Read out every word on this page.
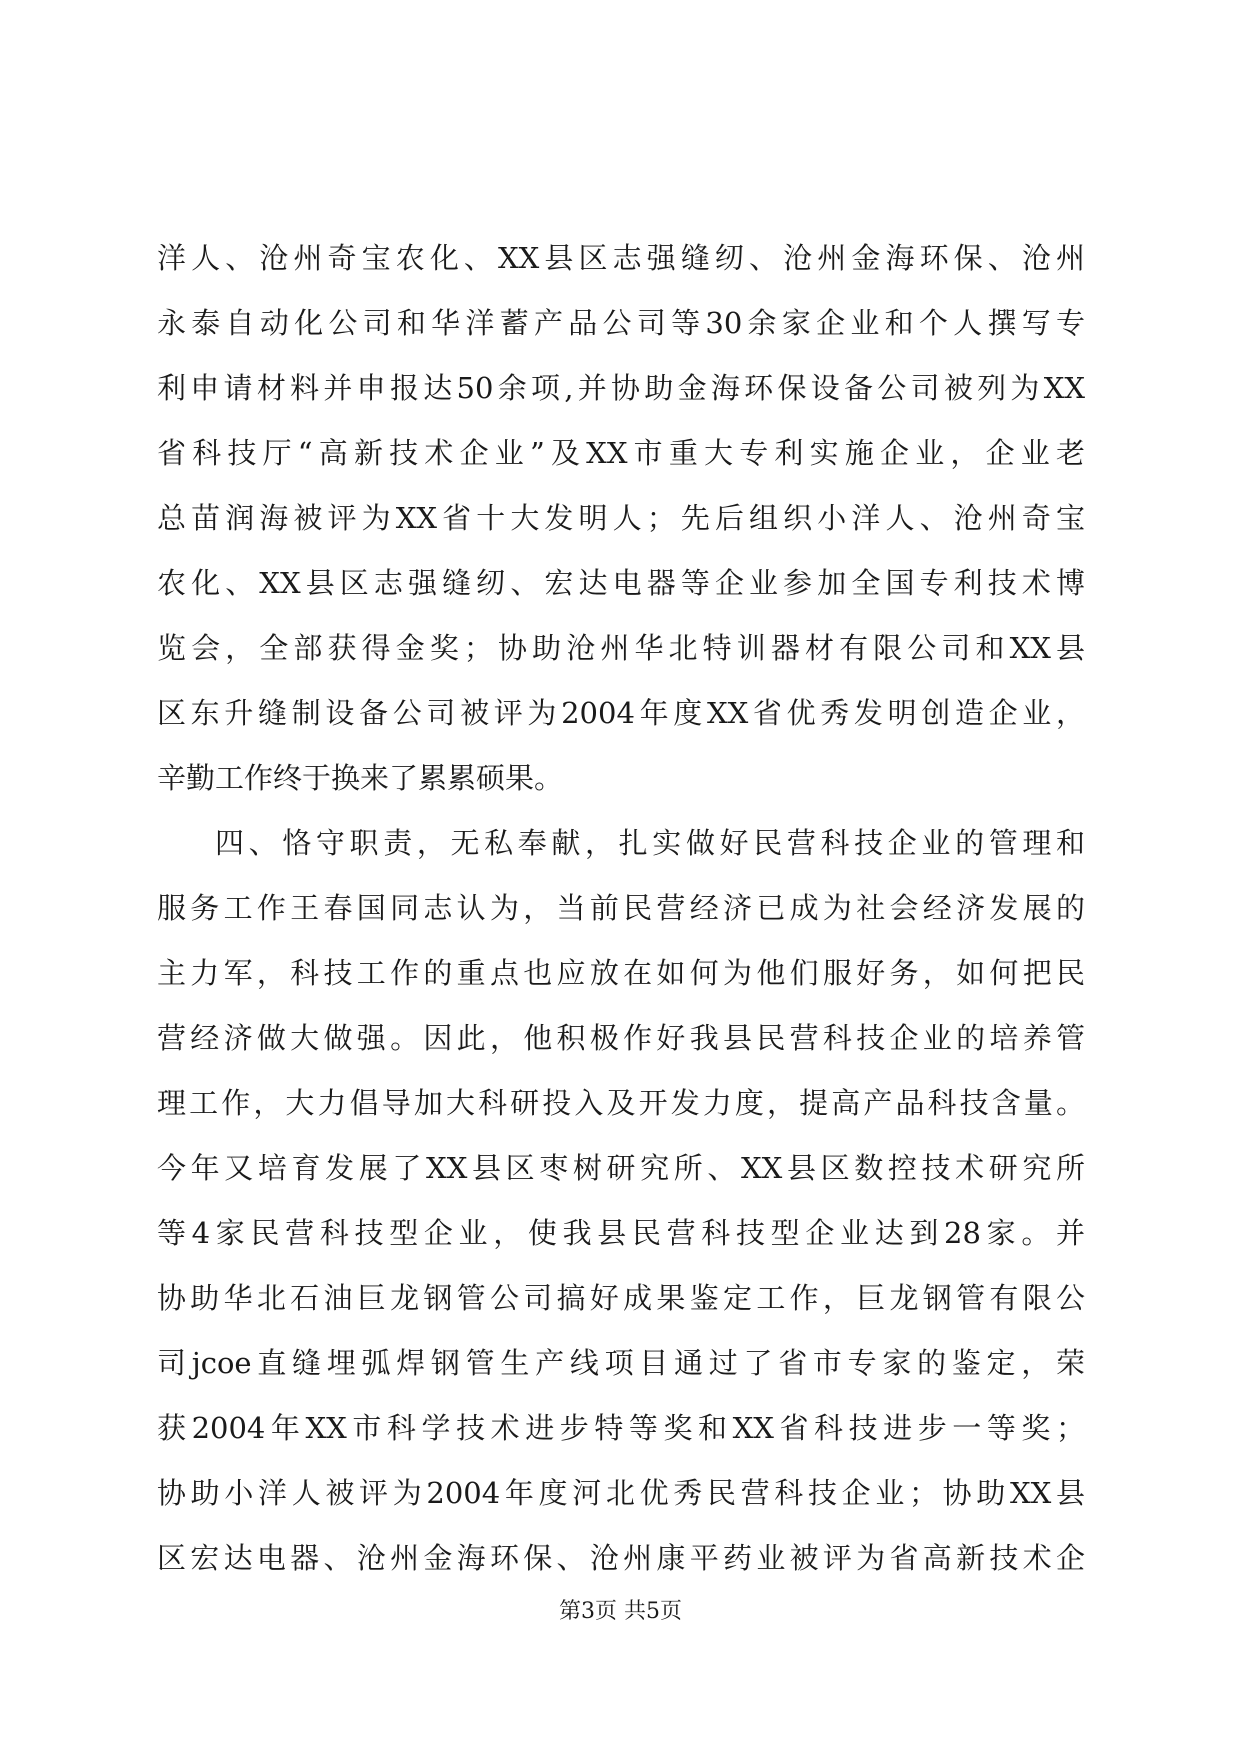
洋人、沧州奇宝农化、XX县区志强缝纫、沧州金海环保、沧州
永泰自动化公司和华洋蓄产品公司等30余家企业和个人撰写专
利申请材料并申报达50余项,并协助金海环保设备公司被列为XX
省科技厅“高新技术企业”及XX市重大专利实施企业，企业老
总苗润海被评为XX省十大发明人；先后组织小洋人、沧州奇宝
农化、XX县区志强缝纫、宏达电器等企业参加全国专利技术博
览会，全部获得金奖；协助沧州华北特训器材有限公司和XX县
区东升缝制设备公司被评为2004年度XX省优秀发明创造企业，
辛勤工作终于换来了累累硕果。
四、恪守职责，无私奉献，扎实做好民营科技企业的管理和
服务工作王春国同志认为，当前民营经济已成为社会经济发展的
主力军，科技工作的重点也应放在如何为他们服好务，如何把民
营经济做大做强。因此，他积极作好我县民营科技企业的培养管
理工作，大力倡导加大科研投入及开发力度，提高产品科技含量。
今年又培育发展了XX县区枣树研究所、XX县区数控技术研究所
等4家民营科技型企业，使我县民营科技型企业达到28家。并
协助华北石油巨龙钢管公司搞好成果鉴定工作，巨龙钢管有限公
司jcoe直缝埋弧焊钢管生产线项目通过了省市专家的鉴定，荣
获2004年XX市科学技术进步特等奖和XX省科技进步一等奖；
协助小洋人被评为2004年度河北优秀民营科技企业；协助XX县
区宏达电器、沧州金海环保、沧州康平药业被评为省高新技术企
第3页 共5页
